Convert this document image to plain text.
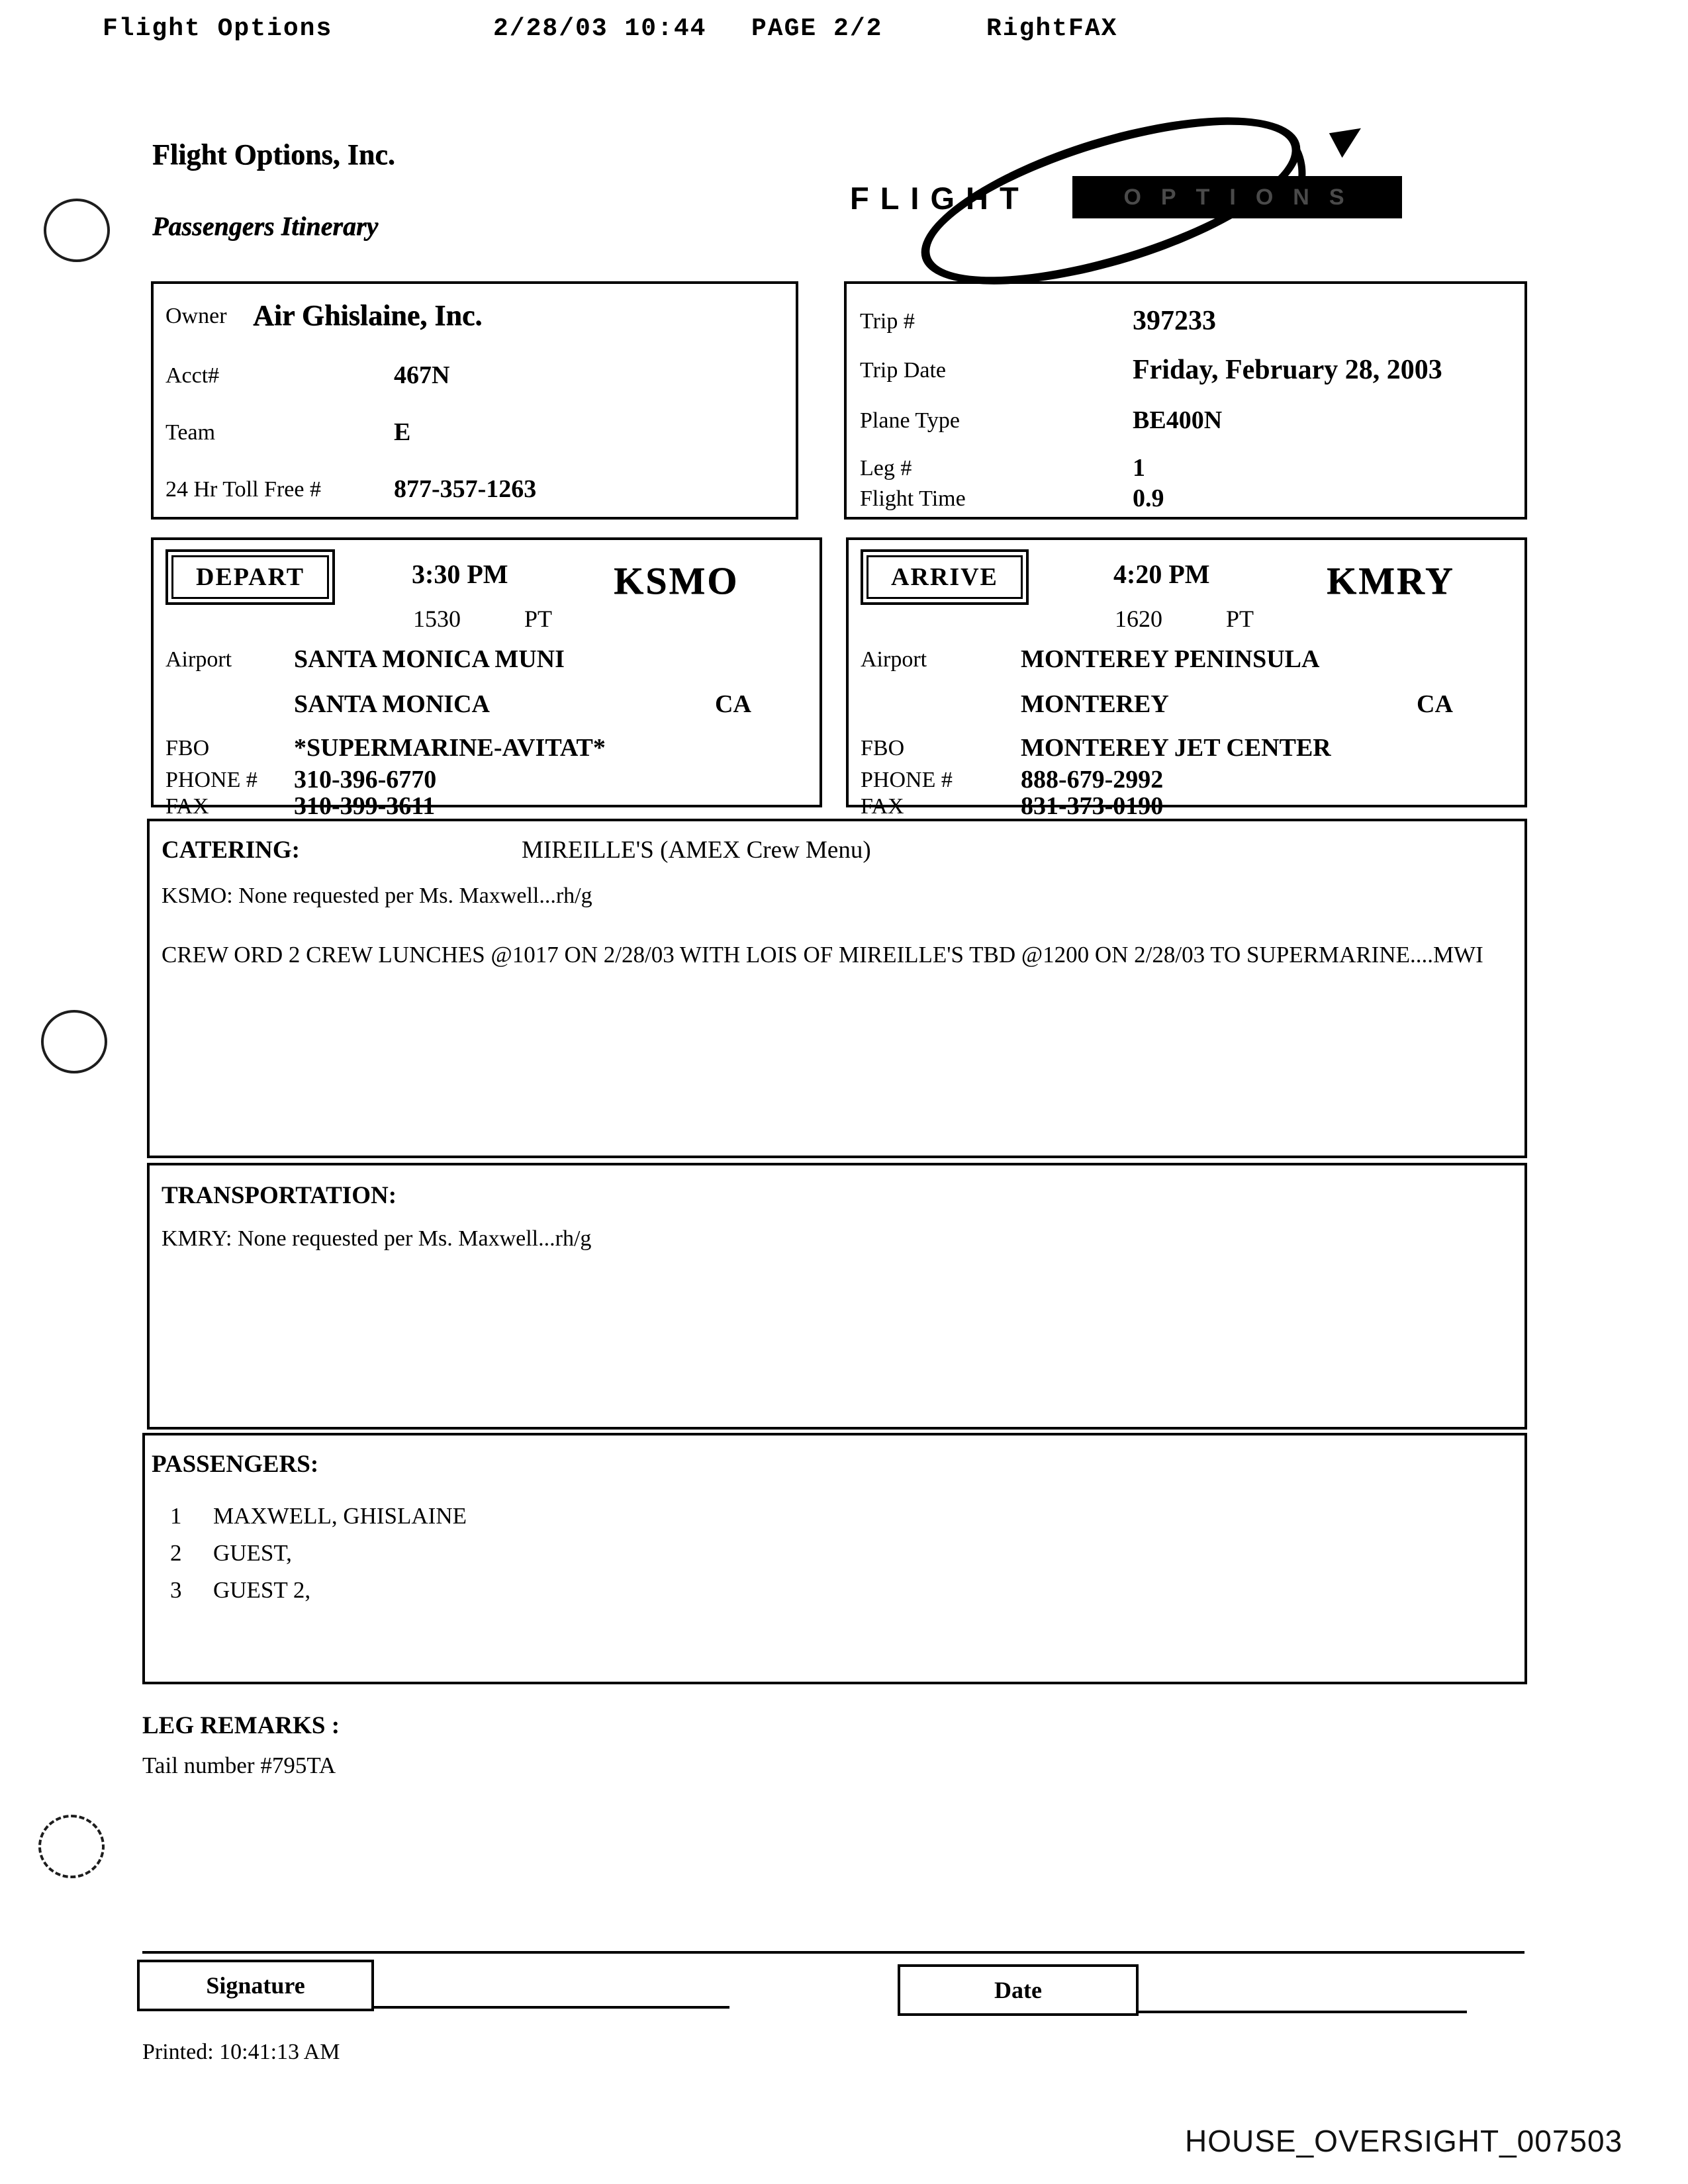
Flight Options	2/28/03 10:44 PAGE 2/2	RightFAX
Flight Options, Inc.
Passengers Itinerary
FLIGHT	OPTIONS
Owner Air Ghislaine, Inc.
Acct#	467N
Team	E
24 Hr Toll Free #	877-357-1263
Trip #	397233
Trip Date	Friday, February 28, 2003
Plane Type	BE400N
Leg #	1
Flight Time	0.9
DEPART	3:30 PM	KSMO
1530	PT
Airport SANTA MONICA MUNI
SANTA MONICA	CA
FBO	*SUPERMARINE-AVITAT*
PHONE # 310-396-6770
FAX	310-399-3611
ARRIVE	4:20 PM	KMRY
1620	PT
Airport	MONTEREY PENINSULA
MONTEREY	CA
FBO	MONTEREY JET CENTER
PHONE #	888-679-2992
FAX	831-373-0190
CATERING:	MIREILLE'S (AMEX Crew Menu)
KSMO: None requested per Ms. Maxwell...rh/g
CREW ORD 2 CREW LUNCHES @1017 ON 2/28/03 WITH LOIS OF MIREILLE'S TBD @1200 ON 2/28/03 TO SUPERMARINE....MWI
TRANSPORTATION:
KMRY: None requested per Ms. Maxwell...rh/g
PASSENGERS:
1 MAXWELL, GHISLAINE
2 GUEST,
3 GUEST 2,
LEG REMARKS :
Tail number #795TA
Signature	Date
Printed: 10:41:13 AM
HOUSE_OVERSIGHT_007503
